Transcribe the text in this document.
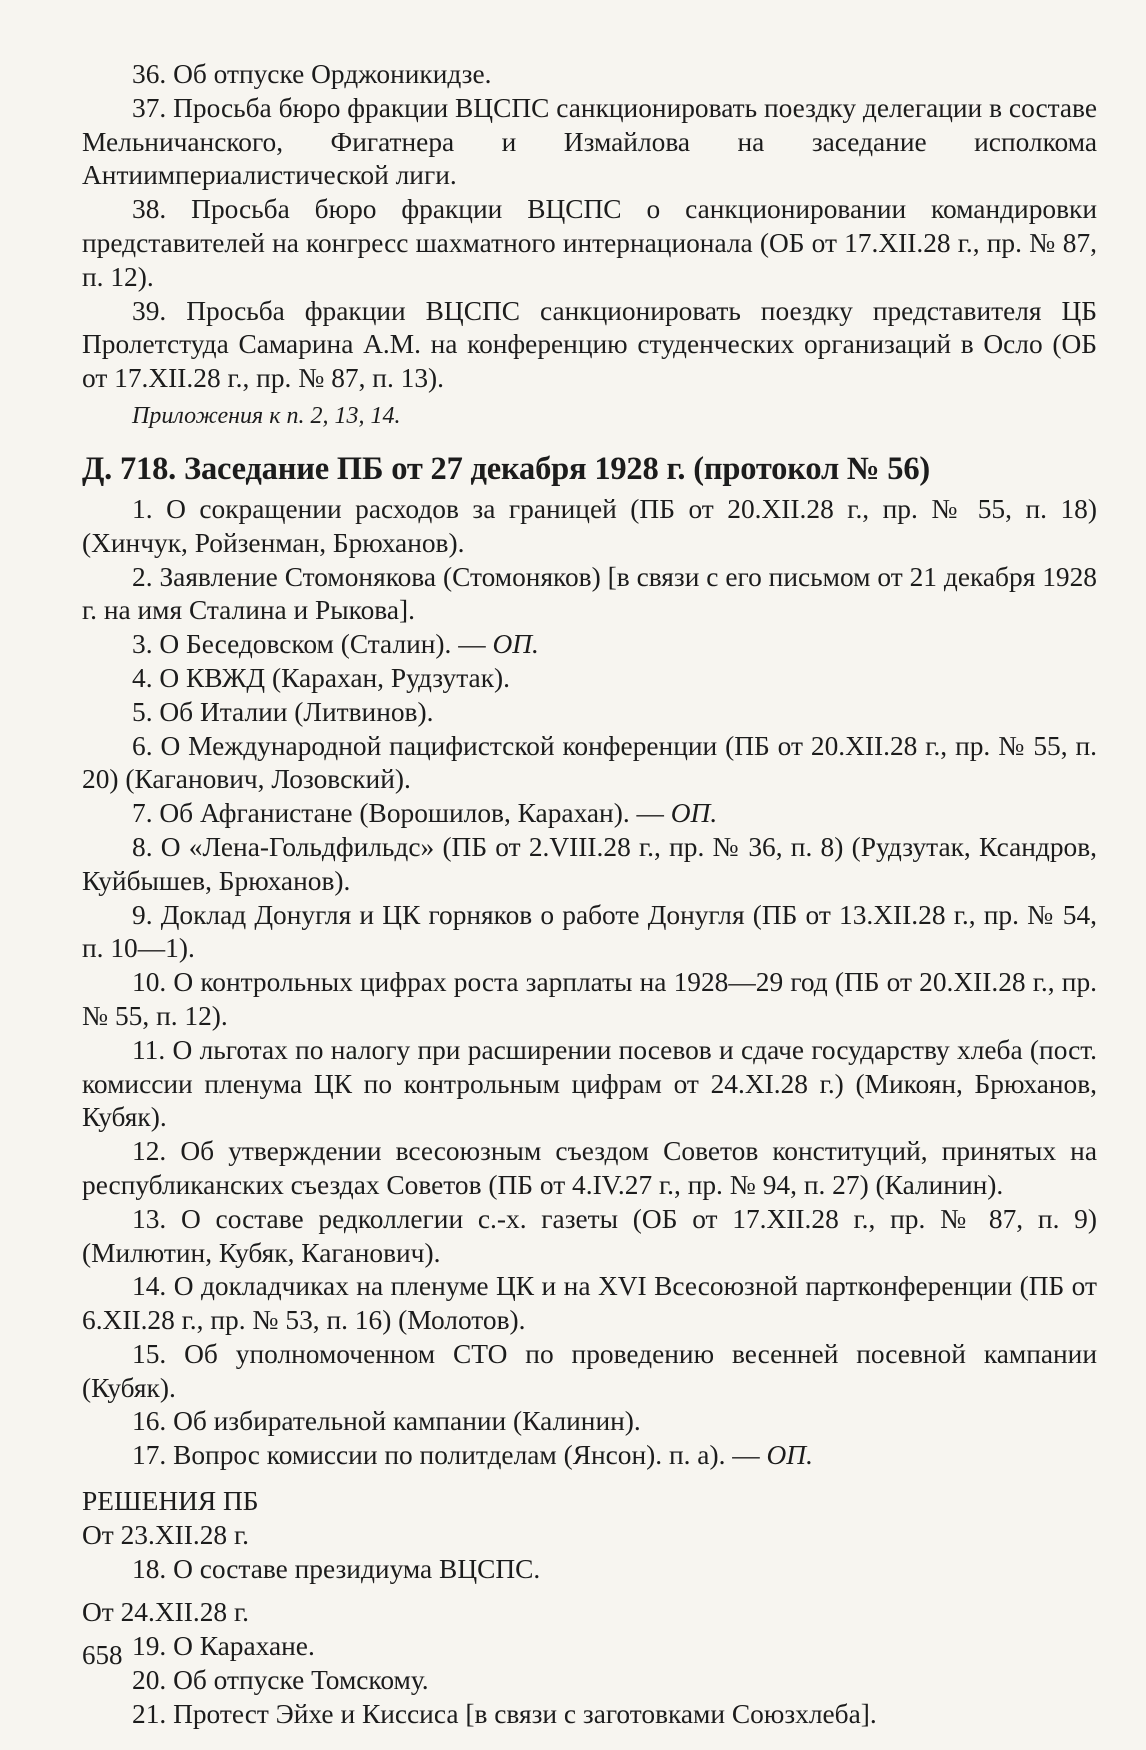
36. Об отпуске Орджоникидзе.

37. Просьба бюро фракции ВЦСПС санкционировать поездку делегации в составе Мельничанского, Фигатнера и Измайлова на заседание исполкома Антиимпериалистической лиги.

38. Просьба бюро фракции ВЦСПС о санкционировании командировки представителей на конгресс шахматного интернационала (ОБ от 17.XII.28 г., пр. № 87, п. 12).

39. Просьба фракции ВЦСПС санкционировать поездку представителя ЦБ Пролетстуда Самарина А.М. на конференцию студенческих организаций в Осло (ОБ от 17.XII.28 г., пр. № 87, п. 13).

Приложения к п. 2, 13, 14.
Д. 718. Заседание ПБ от 27 декабря 1928 г. (протокол № 56)

1. О сокращении расходов за границей (ПБ от 20.XII.28 г., пр. № 55, п. 18) (Хинчук, Ройзенман, Брюханов).

2. Заявление Стомонякова (Стомоняков) [в связи с его письмом от 21 декабря 1928 г. на имя Сталина и Рыкова].

3. О Беседовском (Сталин). — ОП.

4. О КВЖД (Карахан, Рудзутак).

5. Об Италии (Литвинов).

6. О Международной пацифистской конференции (ПБ от 20.XII.28 г., пр. № 55, п. 20) (Каганович, Лозовский).

7. Об Афганистане (Ворошилов, Карахан). — ОП.

8. О «Лена-Гольдфильдс» (ПБ от 2.VIII.28 г., пр. № 36, п. 8) (Рудзутак, Ксандров, Куйбышев, Брюханов).

9. Доклад Донугля и ЦК горняков о работе Донугля (ПБ от 13.XII.28 г., пр. № 54, п. 10—1).

10. О контрольных цифрах роста зарплаты на 1928—29 год (ПБ от 20.XII.28 г., пр. № 55, п. 12).

11. О льготах по налогу при расширении посевов и сдаче государству хлеба (пост. комиссии пленума ЦК по контрольным цифрам от 24.XI.28 г.) (Микоян, Брюханов, Кубяк).

12. Об утверждении всесоюзным съездом Советов конституций, принятых на республиканских съездах Советов (ПБ от 4.IV.27 г., пр. № 94, п. 27) (Калинин).

13. О составе редколлегии с.-х. газеты (ОБ от 17.XII.28 г., пр. № 87, п. 9) (Милютин, Кубяк, Каганович).

14. О докладчиках на пленуме ЦК и на XVI Всесоюзной партконференции (ПБ от 6.XII.28 г., пр. № 53, п. 16) (Молотов).

15. Об уполномоченном СТО по проведению весенней посевной кампании (Кубяк).

16. Об избирательной кампании (Калинин).

17. Вопрос комиссии по политделам (Янсон). п. а). — ОП.

РЕШЕНИЯ ПБ
От 23.XII.28 г.

18. О составе президиума ВЦСПС.

От 24.XII.28 г.

19. О Карахане.

20. Об отпуске Томскому.

21. Протест Эйхе и Киссиса [в связи с заготовками Союзхлеба].

658
